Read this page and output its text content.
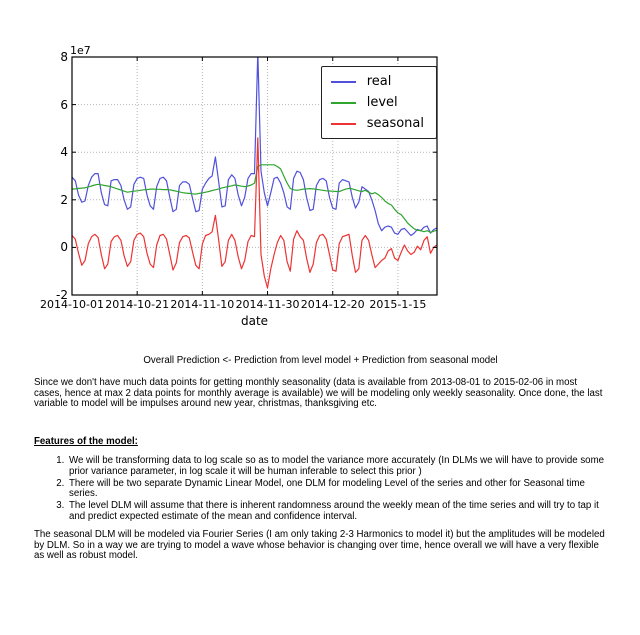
1e7
8
6
4
2
0
-2
2014-10-01 2014-10-21 2014-11-10 2014-11-30 2014-12-20 2015-1-15
date
real
level
seasonal
Overall Prediction <- Prediction from level model + Prediction from seasonal model

Since we don't have much data points for getting monthly seasonality (data is available from 2013-08-01 to 2015-02-06 in most cases, hence at max 2 data points for monthly average is available) we will be modeling only weekly seasonality. Once done, the last variable to model will be impulses around new year, christmas, thanksgiving etc.

Features of the model:
1. We will be transforming data to log scale so as to model the variance more accurately (In DLMs we will have to provide some prior variance parameter, in log scale it will be human inferable to select this prior )
2. There will be two separate Dynamic Linear Model, one DLM for modeling Level of the series and other for Seasonal time series.
3. The level DLM will assume that there is inherent randomness around the weekly mean of the time series and will try to tap it and predict expected estimate of the mean and confidence interval.

The seasonal DLM will be modeled via Fourier Series (I am only taking 2-3 Harmonics to model it) but the amplitudes will be modeled by DLM. So in a way we are trying to model a wave whose behavior is changing over time, hence overall we will have a very flexible as well as robust model.
